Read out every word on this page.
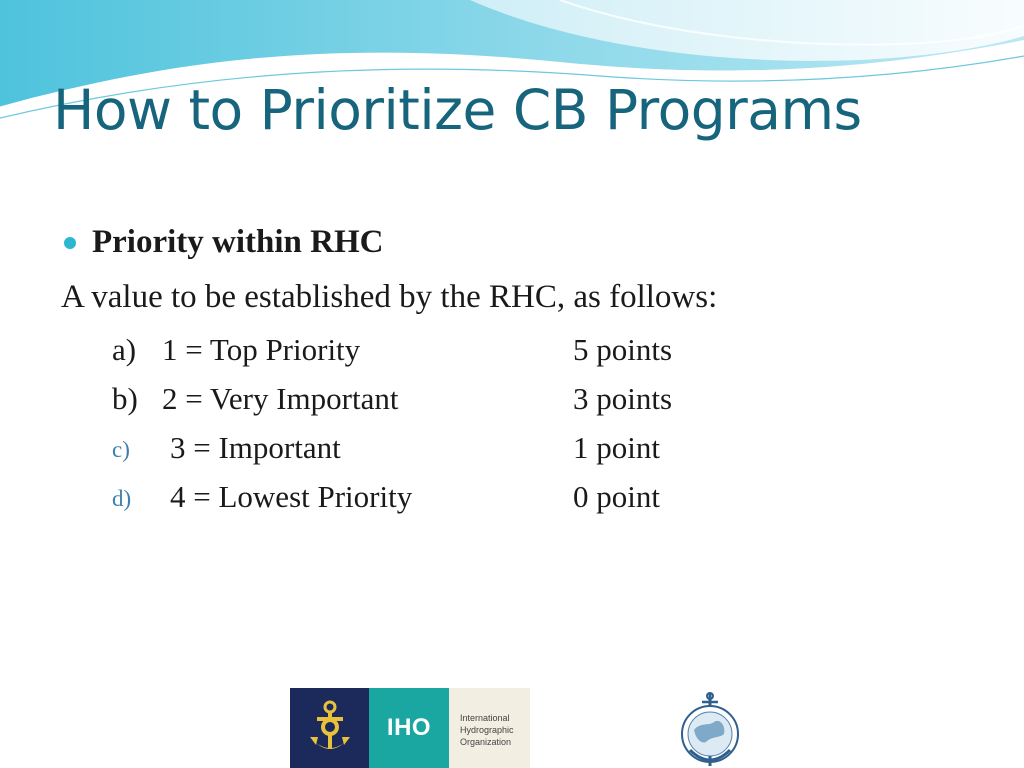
How to Prioritize CB Programs
Priority within RHC
A value to be established by the RHC, as follows:
a) 1 = Top Priority	5 points
b) 2 = Very Important	3 points
c) 3 = Important	1 point
d) 4 = Lowest Priority	0 point
IHO	International
Hydrographic
Organization
